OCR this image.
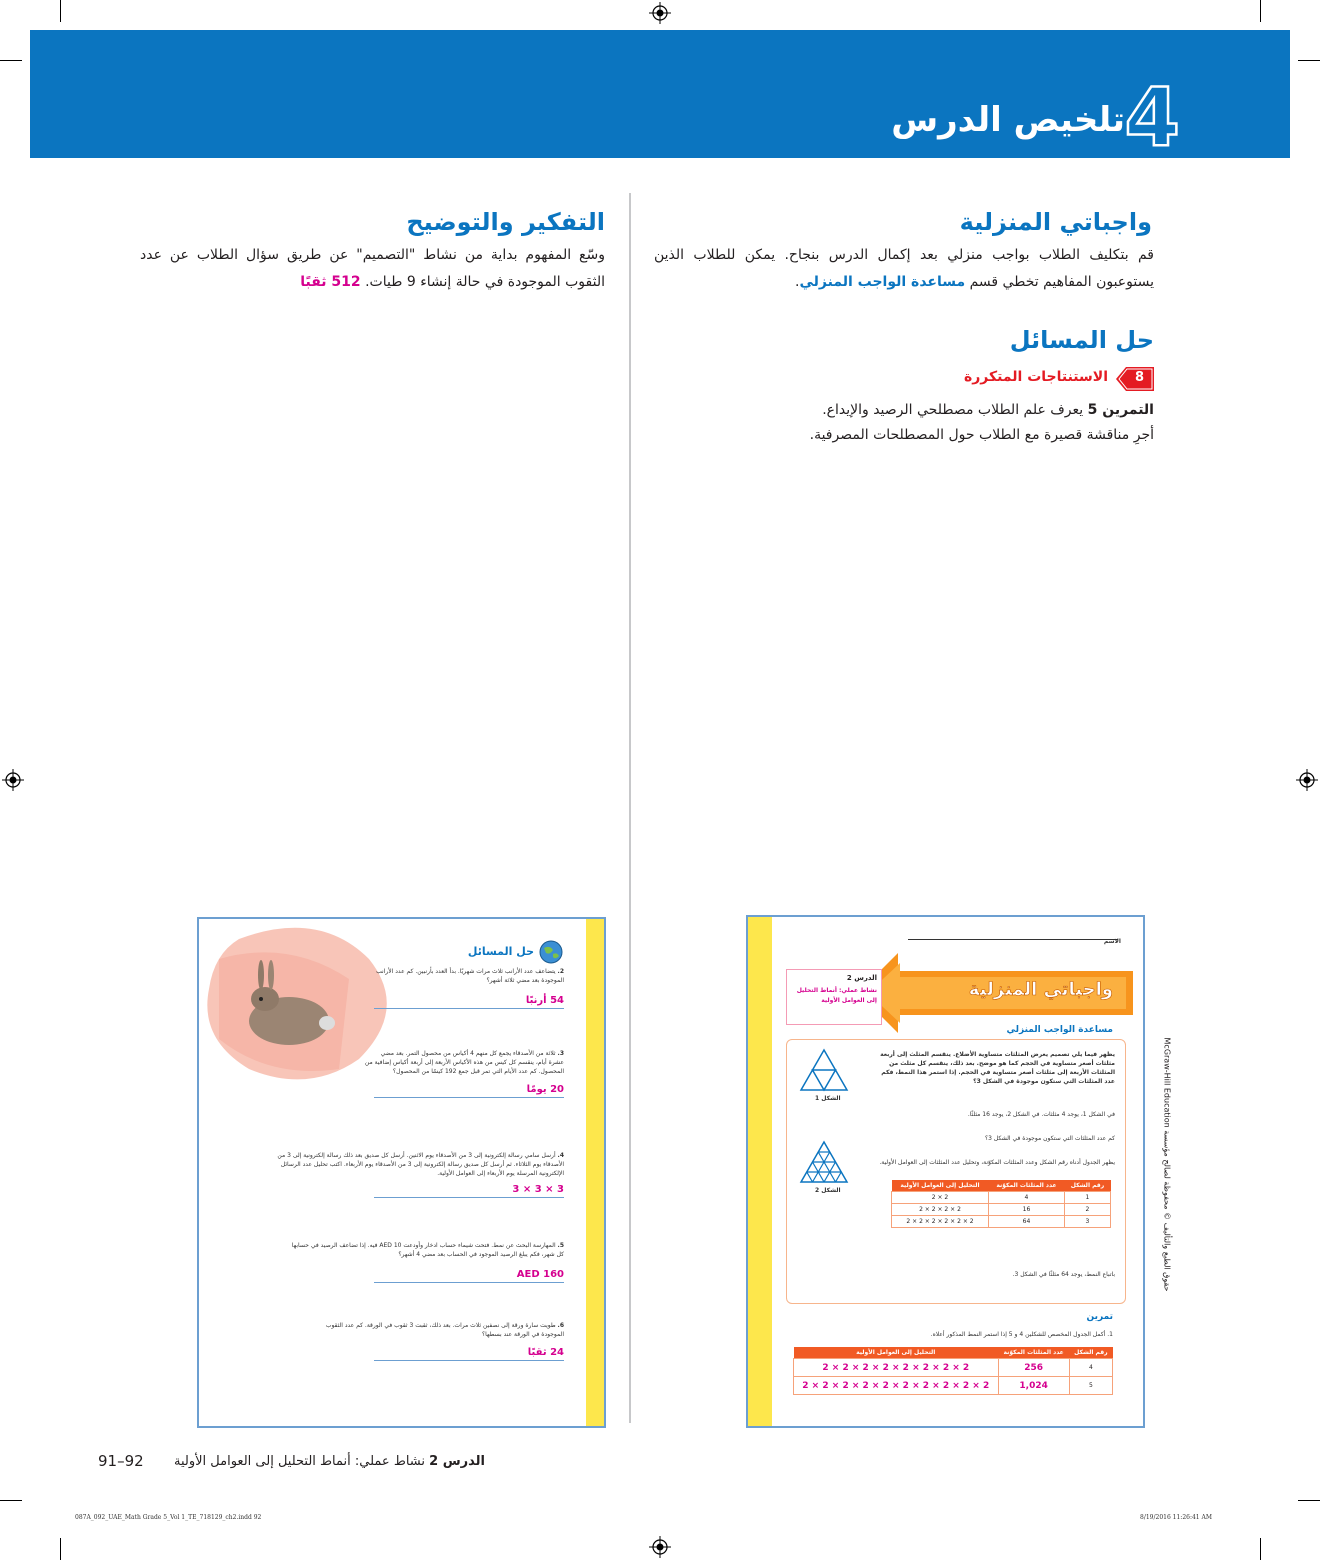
4
تلخيص الدرس
واجباتي المنزلية
قم بتكليف الطلاب بواجب منزلي بعد إكمال الدرس بنجاح. يمكن للطلاب الذين يستوعبون المفاهيم تخطي قسم مساعدة الواجب المنزلي.
حل المسائل
8
الاستنتاجات المتكررة
التمرين 5 يعرف علم الطلاب مصطلحي الرصيد والإيداع.
أجرِ مناقشة قصيرة مع الطلاب حول المصطلحات المصرفية.
التفكير والتوضيح
وسّع المفهوم بداية من نشاط "التصميم" عن طريق سؤال الطلاب عن عدد الثقوب الموجودة في حالة إنشاء 9 طيات. 512 ثقبًا
حل المسائل
2. يتضاعف عدد الأرانب ثلاث مرات شهريًا. بدأ العدد بأرنبين. كم عدد الأرانب الموجودة بعد مضي ثلاثة أشهر؟
54 أرنبًا
3. ثلاثة من الأصدقاء يجمع كل منهم 4 أكياس من محصول التمر. بعد مضي عشرة أيام، ينقسم كل كيس من هذه الأكياس الأربعة إلى أربعة أكياس إضافية من المحصول. كم عدد الأيام التي تمر قبل جمع 192 كيسًا من المحصول؟
20 يومًا
4. أرسل سامي رسالة إلكترونية إلى 3 من الأصدقاء يوم الاثنين. أرسل كل صديق بعد ذلك رسالة إلكترونية إلى 3 من الأصدقاء يوم الثلاثاء. ثم أرسل كل صديق رسالة إلكترونية إلى 3 من الأصدقاء يوم الأربعاء. اكتب تحليل عدد الرسائل الإلكترونية المرسلة يوم الأربعاء إلى العوامل الأولية.
3 × 3 × 3
5. المهارسة البحث عن نمط. فتحت شيماء حساب ادخار وأودعت AED 10 فيه. إذا تضاعف الرصيد في حسابها كل شهر، فكم يبلغ الرصيد الموجود في الحساب بعد مضي 4 أشهر؟
AED 160
6. طويت سارة ورقة إلى نصفين ثلاث مرات. بعد ذلك، ثقبت 3 ثقوب في الورقة. كم عدد الثقوب الموجودة في الورقة عند بسطها؟
24 ثقبًا
الاسم
واجباتي المنزلية
الدرس 2
نشاط عملي: أنماط التحليل إلى العوامل الأولية
مساعدة الواجب المنزلي
يظهر فيما يلي تصميم يعرض المثلثات متساوية الأضلاع. ينقسم المثلث إلى أربعة مثلثات أصغر متساوية في الحجم كما هو موضح. بعد ذلك، ينقسم كل مثلث من المثلثات الأربعة إلى مثلثات أصغر متساوية في الحجم. إذا استمر هذا النمط، فكم عدد المثلثات التي ستكون موجودة في الشكل 3؟
الشكل 1
الشكل 2
في الشكل 1، يوجد 4 مثلثات. في الشكل 2، يوجد 16 مثلثًا.
كم عدد المثلثات التي ستكون موجودة في الشكل 3؟
يظهر الجدول أدناه رقم الشكل وعدد المثلثات المكوّنة، وتحليل عدد المثلثات إلى العوامل الأولية.
رقم الشكل	عدد المثلثات المكوّنة	التحليل إلى العوامل الأولية
1	4	2 × 2
2	16	2 × 2 × 2 × 2
3	64	2 × 2 × 2 × 2 × 2 × 2
باتباع النمط، يوجد 64 مثلثًا في الشكل 3.
تمرين
1. أكمل الجدول المخصص للشكلين 4 و 5 إذا استمر النمط المذكور أعلاه.
رقم الشكل	عدد المثلثات المكوّنة	التحليل إلى العوامل الأولية
4	256	2 × 2 × 2 × 2 × 2 × 2 × 2 × 2
5	1,024	2 × 2 × 2 × 2 × 2 × 2 × 2 × 2 × 2 × 2
حقوق الطبع والتأليف © محفوظة لصالح مؤسسة McGraw-Hill Education
الدرس 2 نشاط عملي: أنماط التحليل إلى العوامل الأولية
91–92
087A_092_UAE_Math Grade 5_Vol 1_TE_718129_ch2.indd 92	8/19/2016 11:26:41 AM
